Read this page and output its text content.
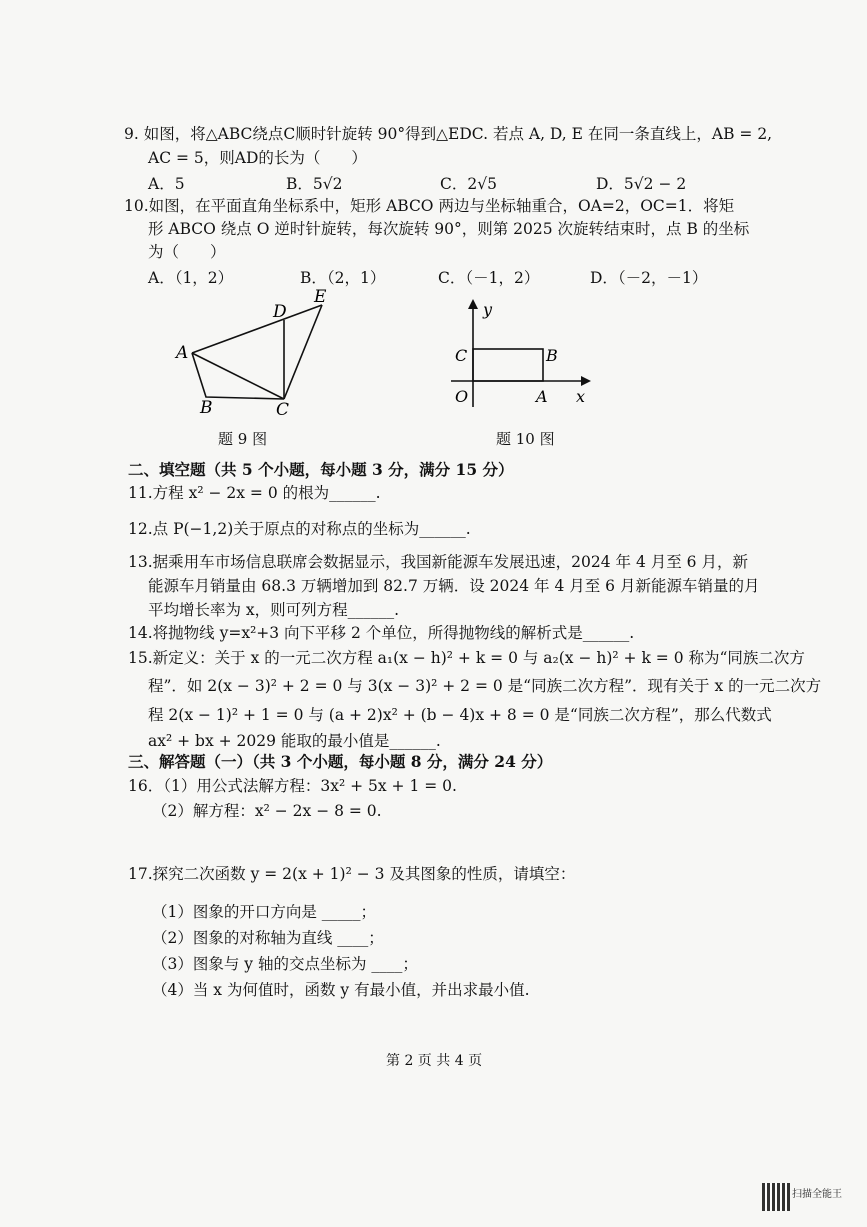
9. 如图，将△ABC绕点C顺时针旋转 90°得到△EDC. 若点 A, D, E 在同一条直线上，AB = 2,
AC = 5，则AD的长为（　　）
A．5	B．5√2	C．2√5	D．5√2 − 2
10.如图，在平面直角坐标系中，矩形 ABCO 两边与坐标轴重合，OA=2，OC=1．将矩
形 ABCO 绕点 O 逆时针旋转，每次旋转 90°，则第 2025 次旋转结束时，点 B 的坐标
为（　　）
A．（1，2）	B．（2，1）	C．（－1，2）	D．（－2，－1）
A
B	C
D
E
题 9 图
y
x
O	A
B
C
题 10 图
二、填空题（共 5 个小题，每小题 3 分，满分 15 分）
11.方程 x² − 2x = 0 的根为______.
12.点 P(−1,2)关于原点的对称点的坐标为______.
13.据乘用车市场信息联席会数据显示，我国新能源车发展迅速，2024 年 4 月至 6 月，新
能源车月销量由 68.3 万辆增加到 82.7 万辆．设 2024 年 4 月至 6 月新能源车销量的月
平均增长率为 x，则可列方程______.
14.将抛物线 y=x²+3 向下平移 2 个单位，所得抛物线的解析式是______.
15.新定义：关于 x 的一元二次方程 a₁(x − h)² + k = 0 与 a₂(x − h)² + k = 0 称为“同族二次方
程”．如 2(x − 3)² + 2 = 0 与 3(x − 3)² + 2 = 0 是“同族二次方程”．现有关于 x 的一元二次方
程 2(x − 1)² + 1 = 0 与 (a + 2)x² + (b − 4)x + 8 = 0 是“同族二次方程”，那么代数式
ax² + bx + 2029 能取的最小值是______.
三、解答题（一）（共 3 个小题，每小题 8 分，满分 24 分）
16．（1）用公式法解方程：3x² + 5x + 1 = 0.
（2）解方程：x² − 2x − 8 = 0.
17.探究二次函数 y = 2(x + 1)² − 3 及其图象的性质，请填空：
（1）图象的开口方向是 _____；
（2）图象的对称轴为直线 ____；
（3）图象与 y 轴的交点坐标为 ____；
（4）当 x 为何值时，函数 y 有最小值，并出求最小值.
第 2 页 共 4 页
扫描全能王
